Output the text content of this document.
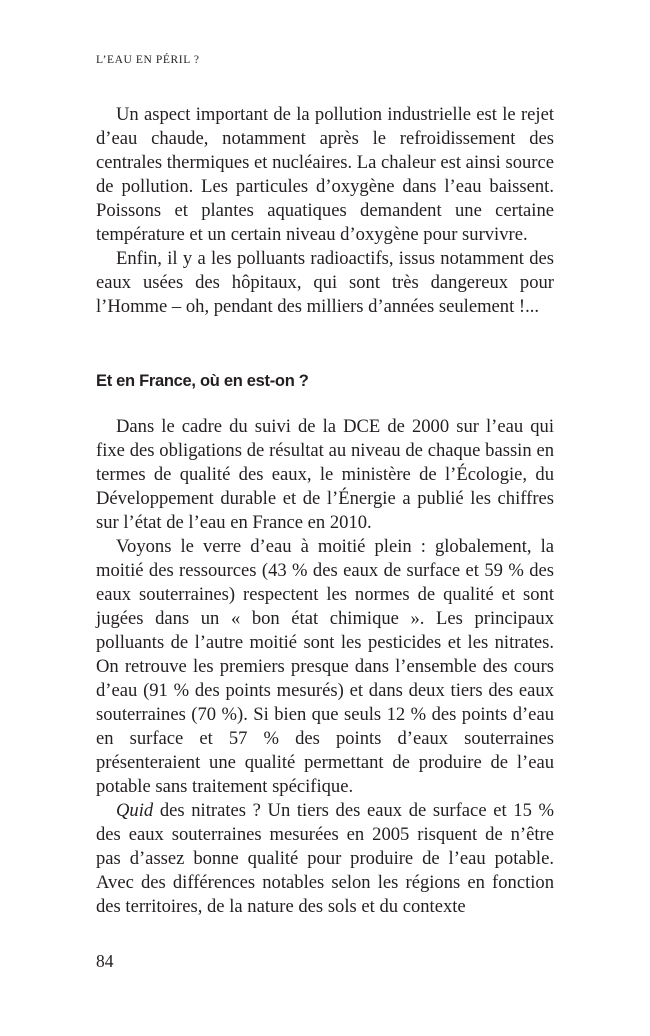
L’EAU EN PÉRIL ?

Un aspect important de la pollution industrielle est le rejet d’eau chaude, notamment après le refroidissement des centrales thermiques et nucléaires. La chaleur est ainsi source de pollution. Les particules d’oxygène dans l’eau baissent. Poissons et plantes aquatiques demandent une certaine température et un certain niveau d’oxygène pour survivre.

Enfin, il y a les polluants radioactifs, issus notamment des eaux usées des hôpitaux, qui sont très dangereux pour l’Homme – oh, pendant des milliers d’années seulement !...

Et en France, où en est-on ?

Dans le cadre du suivi de la DCE de 2000 sur l’eau qui fixe des obligations de résultat au niveau de chaque bassin en termes de qualité des eaux, le ministère de l’Écologie, du Développement durable et de l’Énergie a publié les chiffres sur l’état de l’eau en France en 2010.

Voyons le verre d’eau à moitié plein : globalement, la moitié des ressources (43 % des eaux de surface et 59 % des eaux souterraines) respectent les normes de qualité et sont jugées dans un « bon état chimique ». Les principaux polluants de l’autre moitié sont les pesticides et les nitrates. On retrouve les premiers presque dans l’ensemble des cours d’eau (91 % des points mesurés) et dans deux tiers des eaux souterraines (70 %). Si bien que seuls 12 % des points d’eau en surface et 57 % des points d’eaux souterraines présenteraient une qualité permettant de produire de l’eau potable sans traitement spécifique.

Quid des nitrates ? Un tiers des eaux de surface et 15 % des eaux souterraines mesurées en 2005 risquent de n’être pas d’assez bonne qualité pour produire de l’eau potable. Avec des différences notables selon les régions en fonction des territoires, de la nature des sols et du contexte

84
